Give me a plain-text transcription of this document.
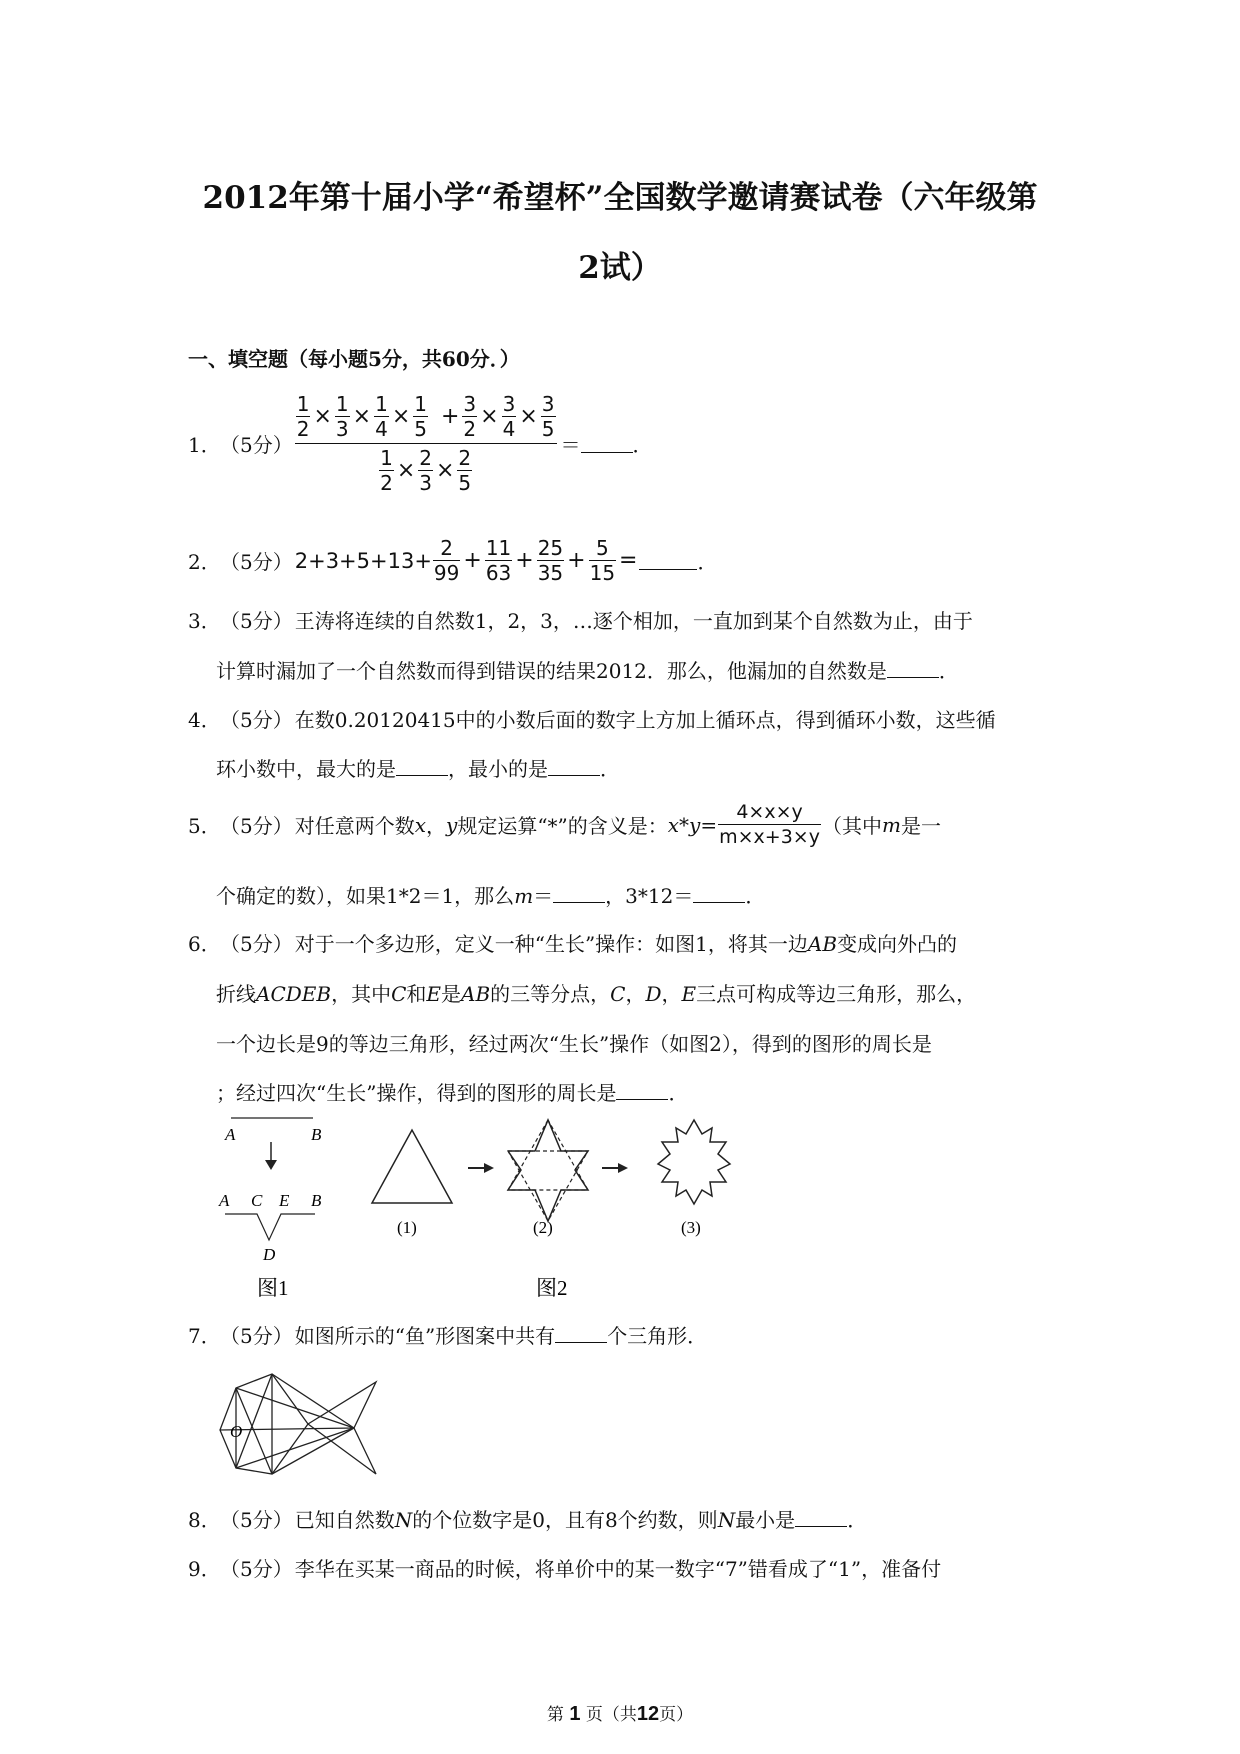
2012年第十届小学“希望杯”全国数学邀请赛试卷（六年级第
2试）
一、填空题（每小题5分，共60分．）
1． （5分）
$\frac{1}{2} \times \frac{1}{3} \times \frac{1}{4} \times \frac{1}{5} + \frac{3}{2} \times \frac{3}{4} \times \frac{3}{5}$
$\frac{1}{2} \times \frac{2}{3} \times \frac{2}{5}$
＝	．
2． （5分） $2+3+5+13+ \frac{2}{99} + \frac{11}{63} + \frac{25}{35} + \frac{5}{15}$ =	．
3．（5分） 王涛将连续的自然数1，2，3，…逐个相加，一直加到某个自然数为止，由于
计算时漏加了一个自然数而得到错误的结果2012．那么，他漏加的自然数是	．
4．（5分） 在数0.20120415中的小数后面的数字上方加上循环点，得到循环小数，这些循
环小数中，最大的是	，最小的是	．
5． （5分） 对任意两个数 x ， y 规定运算“*”的含义是： $x*y = \frac{4\times x\times y}{m\times x+3\times y}$ （其中 m 是一
个确定的数），如果1*2＝1，那么m＝	，3*12＝	．
6．（5分） 对于一个多边形，定义一种“生长”操作：如图1，将其一边AB变成向外凸的
折线ACDEB，其中C和E是AB的三等分点，C，D，E三点可构成等边三角形，那么，
一个边长是9的等边三角形，经过两次“生长”操作（如图2），得到的图形的周长是
；经过四次“生长”操作，得到的图形的周长是	．
A	B
A C E B
D
图1
(1)	(2)	(3)
图2
7．（5分） 如图所示的“鱼”形图案中共有	个三角形．
O
8．（5分） 已知自然数N的个位数字是0，且有8个约数，则N最小是	．
9．（5分） 李华在买某一商品的时候，将单价中的某一数字“7”错看成了“1”，准备付
第 1 页（共12页）
